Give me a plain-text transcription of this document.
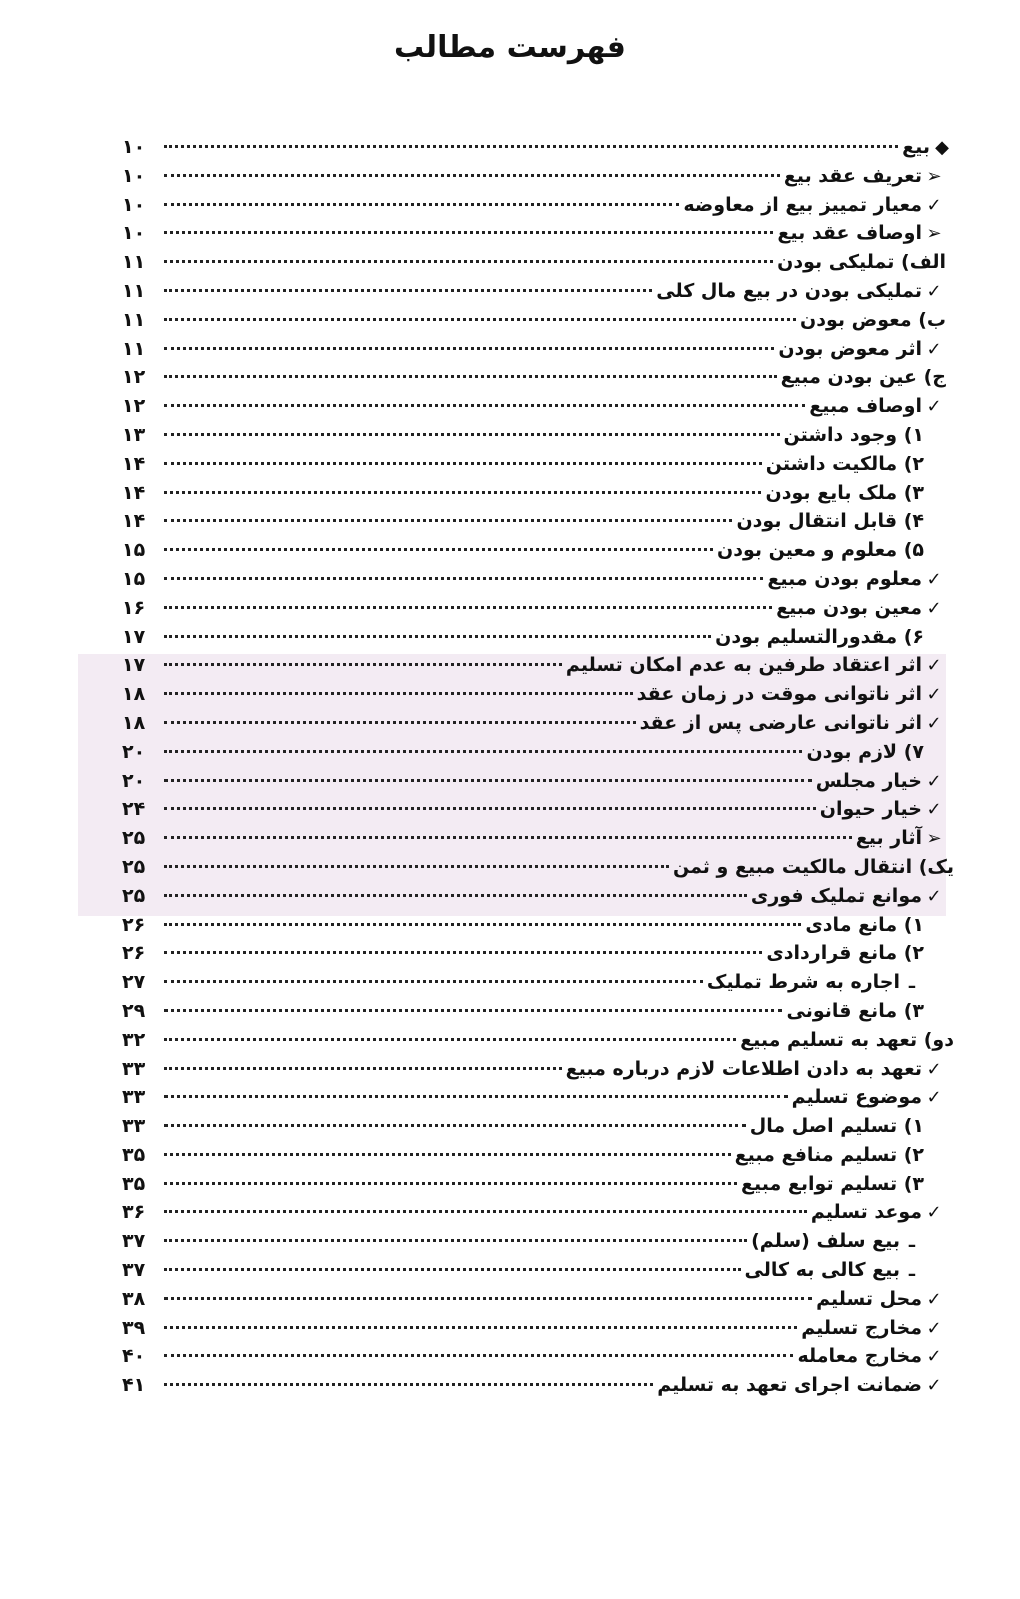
فهرست مطالب
◆
بیع
۱۰
➢
تعریف عقد بیع
۱۰
✓
معیار تمییز بیع از معاوضه
۱۰
➢
اوصاف عقد بیع
۱۰
الف) تملیکی بودن
۱۱
✓
تملیکی بودن در بیع مال کلی
۱۱
ب) معوض بودن
۱۱
✓
اثر معوض بودن
۱۱
ج) عین بودن مبیع
۱۲
✓
اوصاف مبیع
۱۲
۱) وجود داشتن
۱۳
۲) مالکیت داشتن
۱۴
۳) ملک بایع بودن
۱۴
۴) قابل انتقال بودن
۱۴
۵) معلوم و معین بودن
۱۵
✓
معلوم بودن مبیع
۱۵
✓
معین بودن مبیع
۱۶
۶) مقدورالتسلیم بودن
۱۷
✓
اثر اعتقاد طرفین به عدم امکان تسلیم
۱۷
✓
اثر ناتوانی موقت در زمان عقد
۱۸
✓
اثر ناتوانی عارضی پس از عقد
۱۸
۷) لازم بودن
۲۰
✓
خیار مجلس
۲۰
✓
خیار حیوان
۲۴
➢
آثار بیع
۲۵
یک) انتقال مالکیت مبیع و ثمن
۲۵
✓
موانع تملیک فوری
۲۵
۱) مانع مادی
۲۶
۲) مانع قراردادی
۲۶
ـ
اجاره به شرط تملیک
۲۷
۳) مانع قانونی
۲۹
دو) تعهد به تسلیم مبیع
۳۲
✓
تعهد به دادن اطلاعات لازم درباره مبیع
۳۳
✓
موضوع تسلیم
۳۳
۱) تسلیم اصل مال
۳۳
۲) تسلیم منافع مبیع
۳۵
۳) تسلیم توابع مبیع
۳۵
✓
موعد تسلیم
۳۶
ـ
بیع سلف (سلم)
۳۷
ـ
بیع کالی به کالی
۳۷
✓
محل تسلیم
۳۸
✓
مخارج تسلیم
۳۹
✓
مخارج معامله
۴۰
✓
ضمانت اجرای تعهد به تسلیم
۴۱
